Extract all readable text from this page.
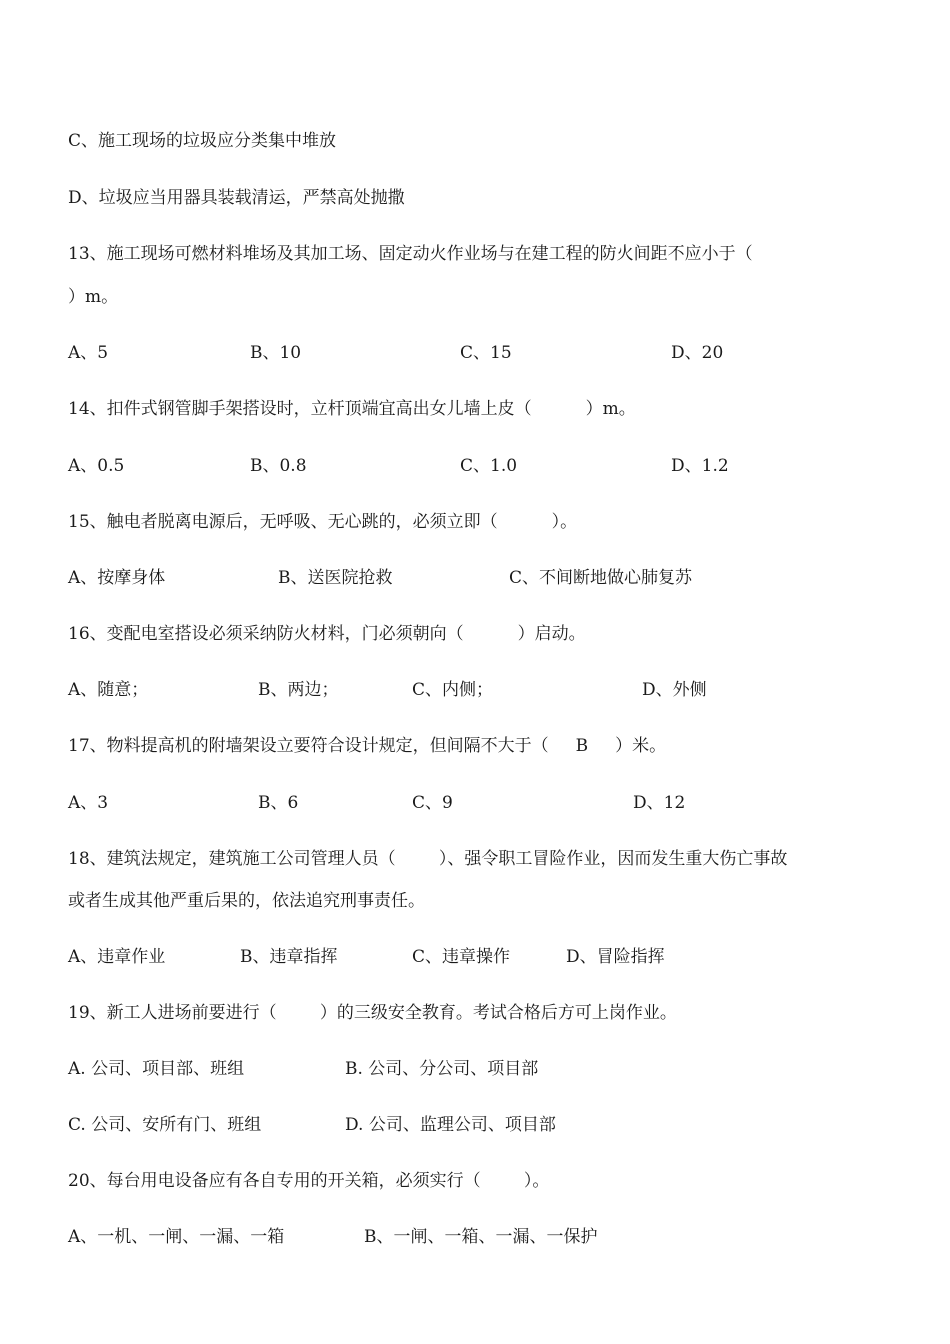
C、施工现场的垃圾应分类集中堆放
D、垃圾应当用器具装载清运，严禁高处抛撒
13、施工现场可燃材料堆场及其加工场、固定动火作业场与在建工程的防火间距不应小于（
）m。
A、5	B、10	C、15	D、20
14、扣件式钢管脚手架搭设时，立杆顶端宜高出女儿墙上皮（          ）m。
A、0.5	B、0.8	C、1.0	D、1.2
15、触电者脱离电源后，无呼吸、无心跳的，必须立即（          ）。
A、按摩身体	B、送医院抢救	C、不间断地做心肺复苏
16、变配电室搭设必须采纳防火材料，门必须朝向（          ）启动。
A、随意；	B、两边；	C、内侧；	D、外侧
17、物料提高机的附墙架设立要符合设计规定，但间隔不大于（     B     ）米。
A、3	B、6	C、9	D、12
18、建筑法规定，建筑施工公司管理人员（        ）、强令职工冒险作业，因而发生重大伤亡事故
或者生成其他严重后果的，依法追究刑事责任。
A、违章作业	B、违章指挥	C、违章操作	D、冒险指挥
19、新工人进场前要进行（        ）的三级安全教育。考试合格后方可上岗作业。
A. 公司、项目部、班组	B. 公司、分公司、项目部
C. 公司、安所有门、班组	D. 公司、监理公司、项目部
20、每台用电设备应有各自专用的开关箱，必须实行（        ）。
A、一机、一闸、一漏、一箱	B、一闸、一箱、一漏、一保护
